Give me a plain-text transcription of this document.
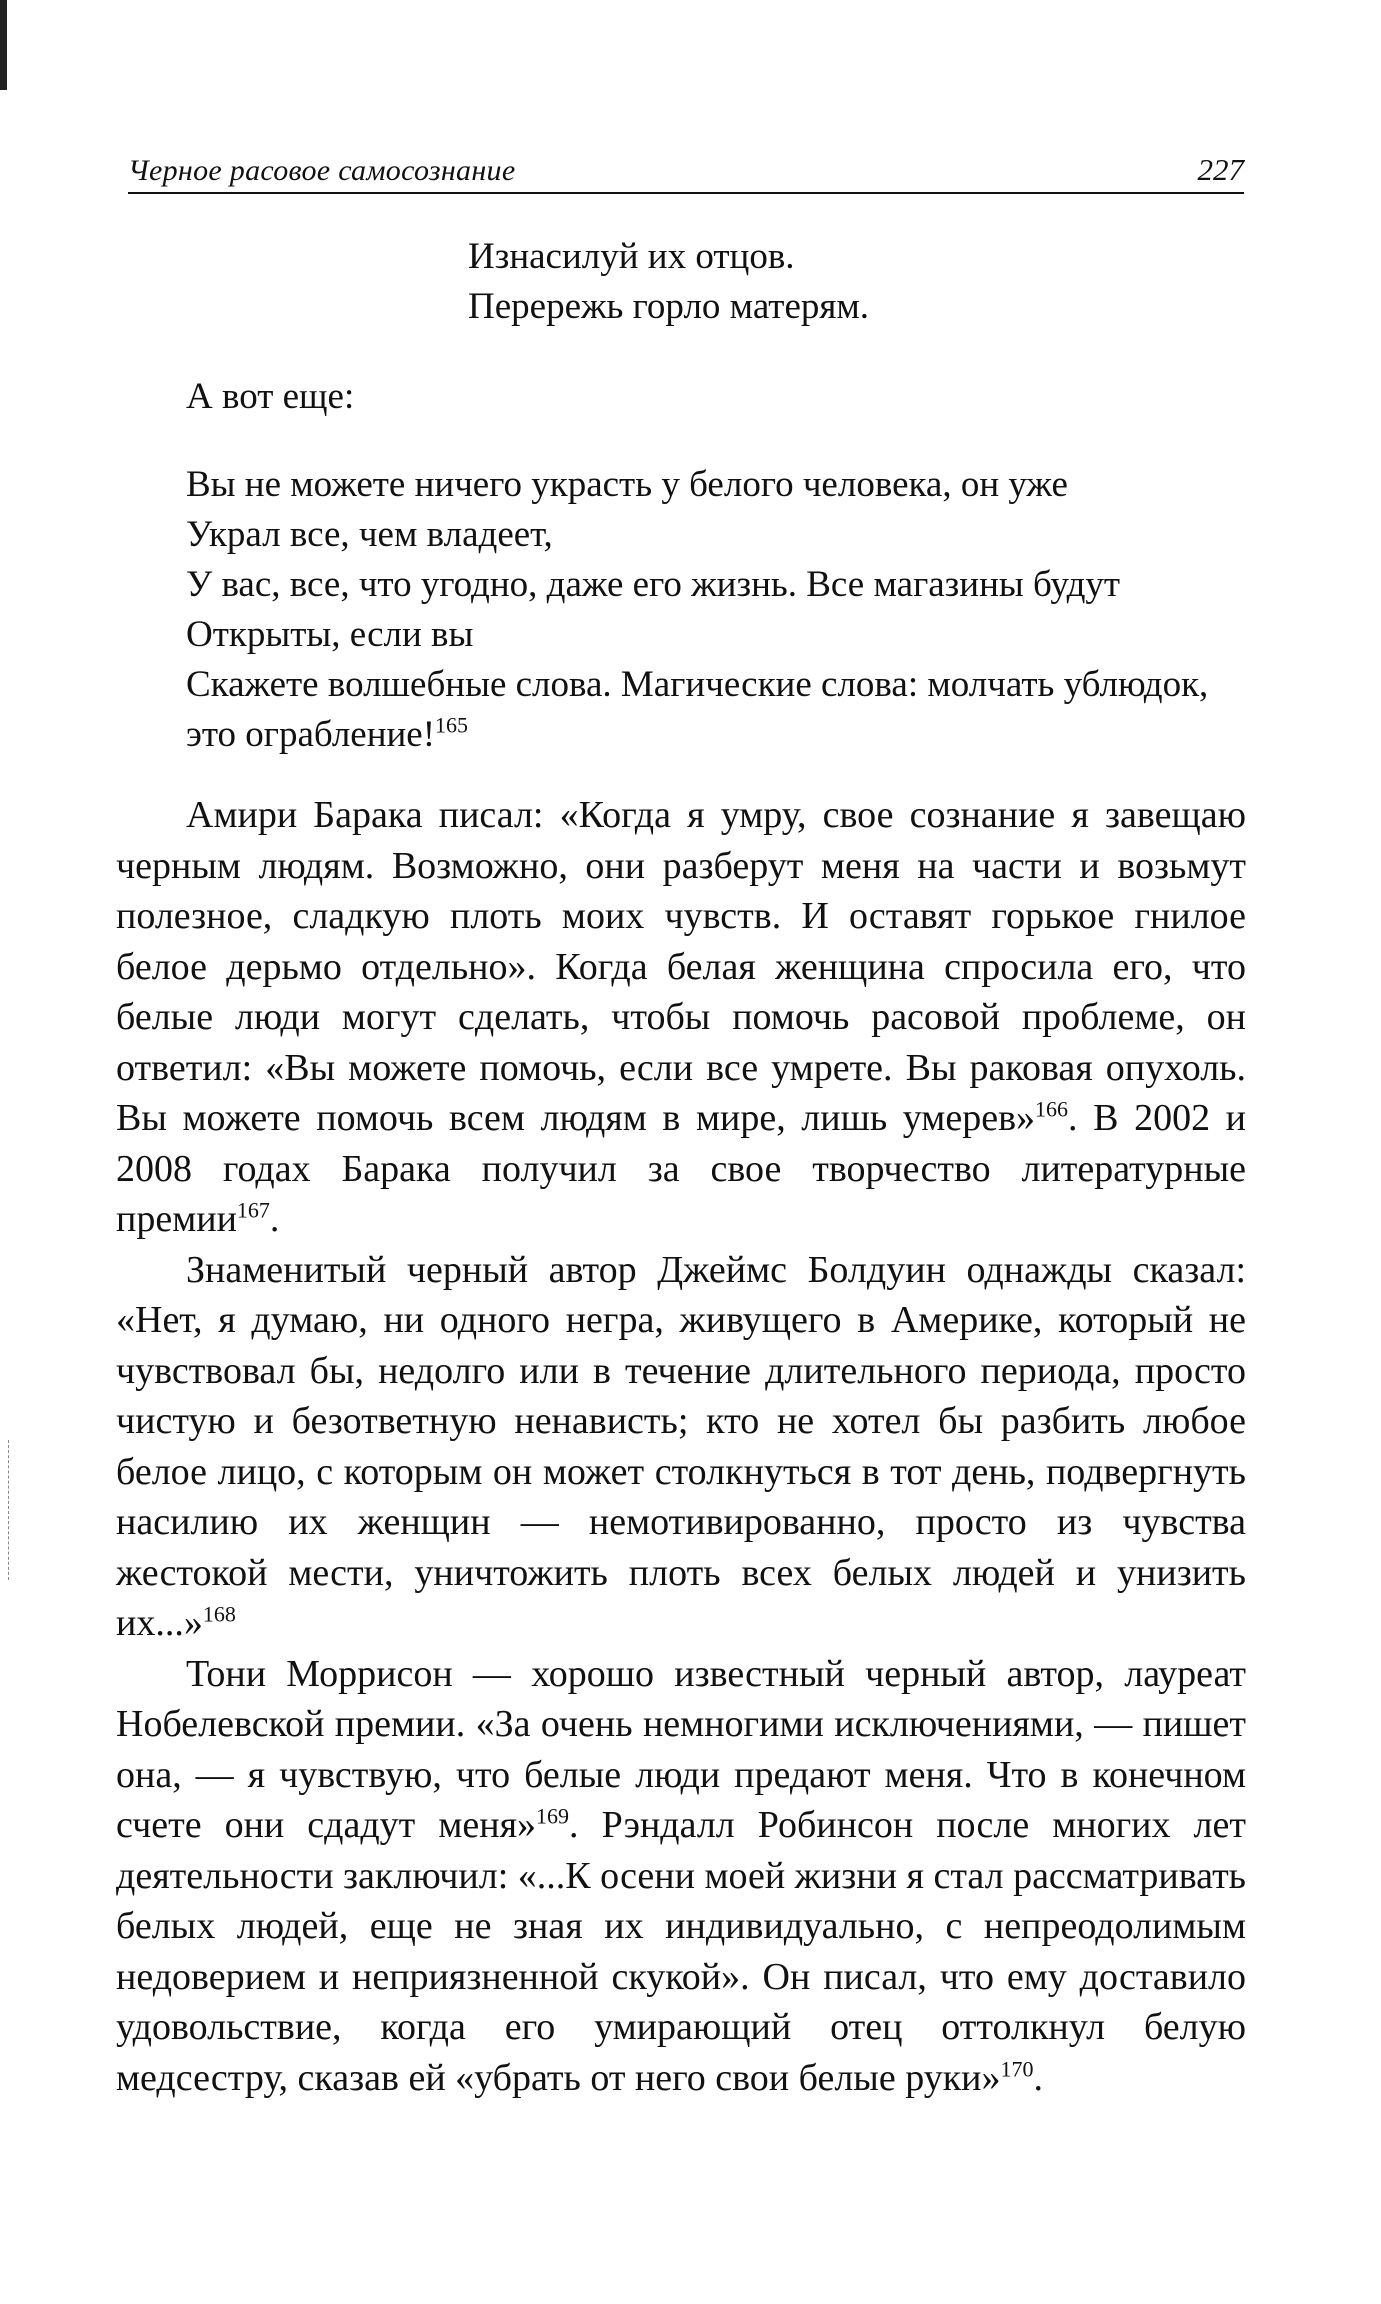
Черное расовое самосознание	227
Изнасилуй их отцов.
Перережь горло матерям.
А вот еще:
Вы не можете ничего украсть у белого человека, он уже
Украл все, чем владеет,
У вас, все, что угодно, даже его жизнь. Все магазины будут
Открыты, если вы
Скажете волшебные слова. Магические слова: молчать ублюдок,
это ограбление!$^{165}$

Амири Барака писал: «Когда я умру, свое сознание я завещаю черным людям. Возможно, они разберут меня на части и возьмут полезное, сладкую плоть моих чувств. И оставят горькое гнилое белое дерьмо отдельно». Когда белая женщина спросила его, что белые люди могут сделать, чтобы помочь расовой проблеме, он ответил: «Вы можете помочь, если все умрете. Вы раковая опухоль. Вы можете помочь всем людям в мире, лишь умерев»$^{166}$. В 2002 и 2008 годах Барака получил за свое творчество литературные премии$^{167}$.

Знаменитый черный автор Джеймс Болдуин однажды сказал: «Нет, я думаю, ни одного негра, живущего в Америке, который не чувствовал бы, недолго или в течение длительного периода, просто чистую и безответную ненависть; кто не хотел бы разбить любое белое лицо, с которым он может столкнуться в тот день, подвергнуть насилию их женщин — немотивированно, просто из чувства жестокой мести, уничтожить плоть всех белых людей и унизить их...»$^{168}$

Тони Моррисон — хорошо известный черный автор, лауреат Нобелевской премии. «За очень немногими исключениями, — пишет она, — я чувствую, что белые люди предают меня. Что в конечном счете они сдадут меня»$^{169}$. Рэндалл Робинсон после многих лет деятельности заключил: «...К осени моей жизни я стал рассматривать белых людей, еще не зная их индивидуально, с непреодолимым недоверием и неприязненной скукой». Он писал, что ему доставило удовольствие, когда его умирающий отец оттолкнул белую медсестру, сказав ей «убрать от него свои белые руки»$^{170}$.
